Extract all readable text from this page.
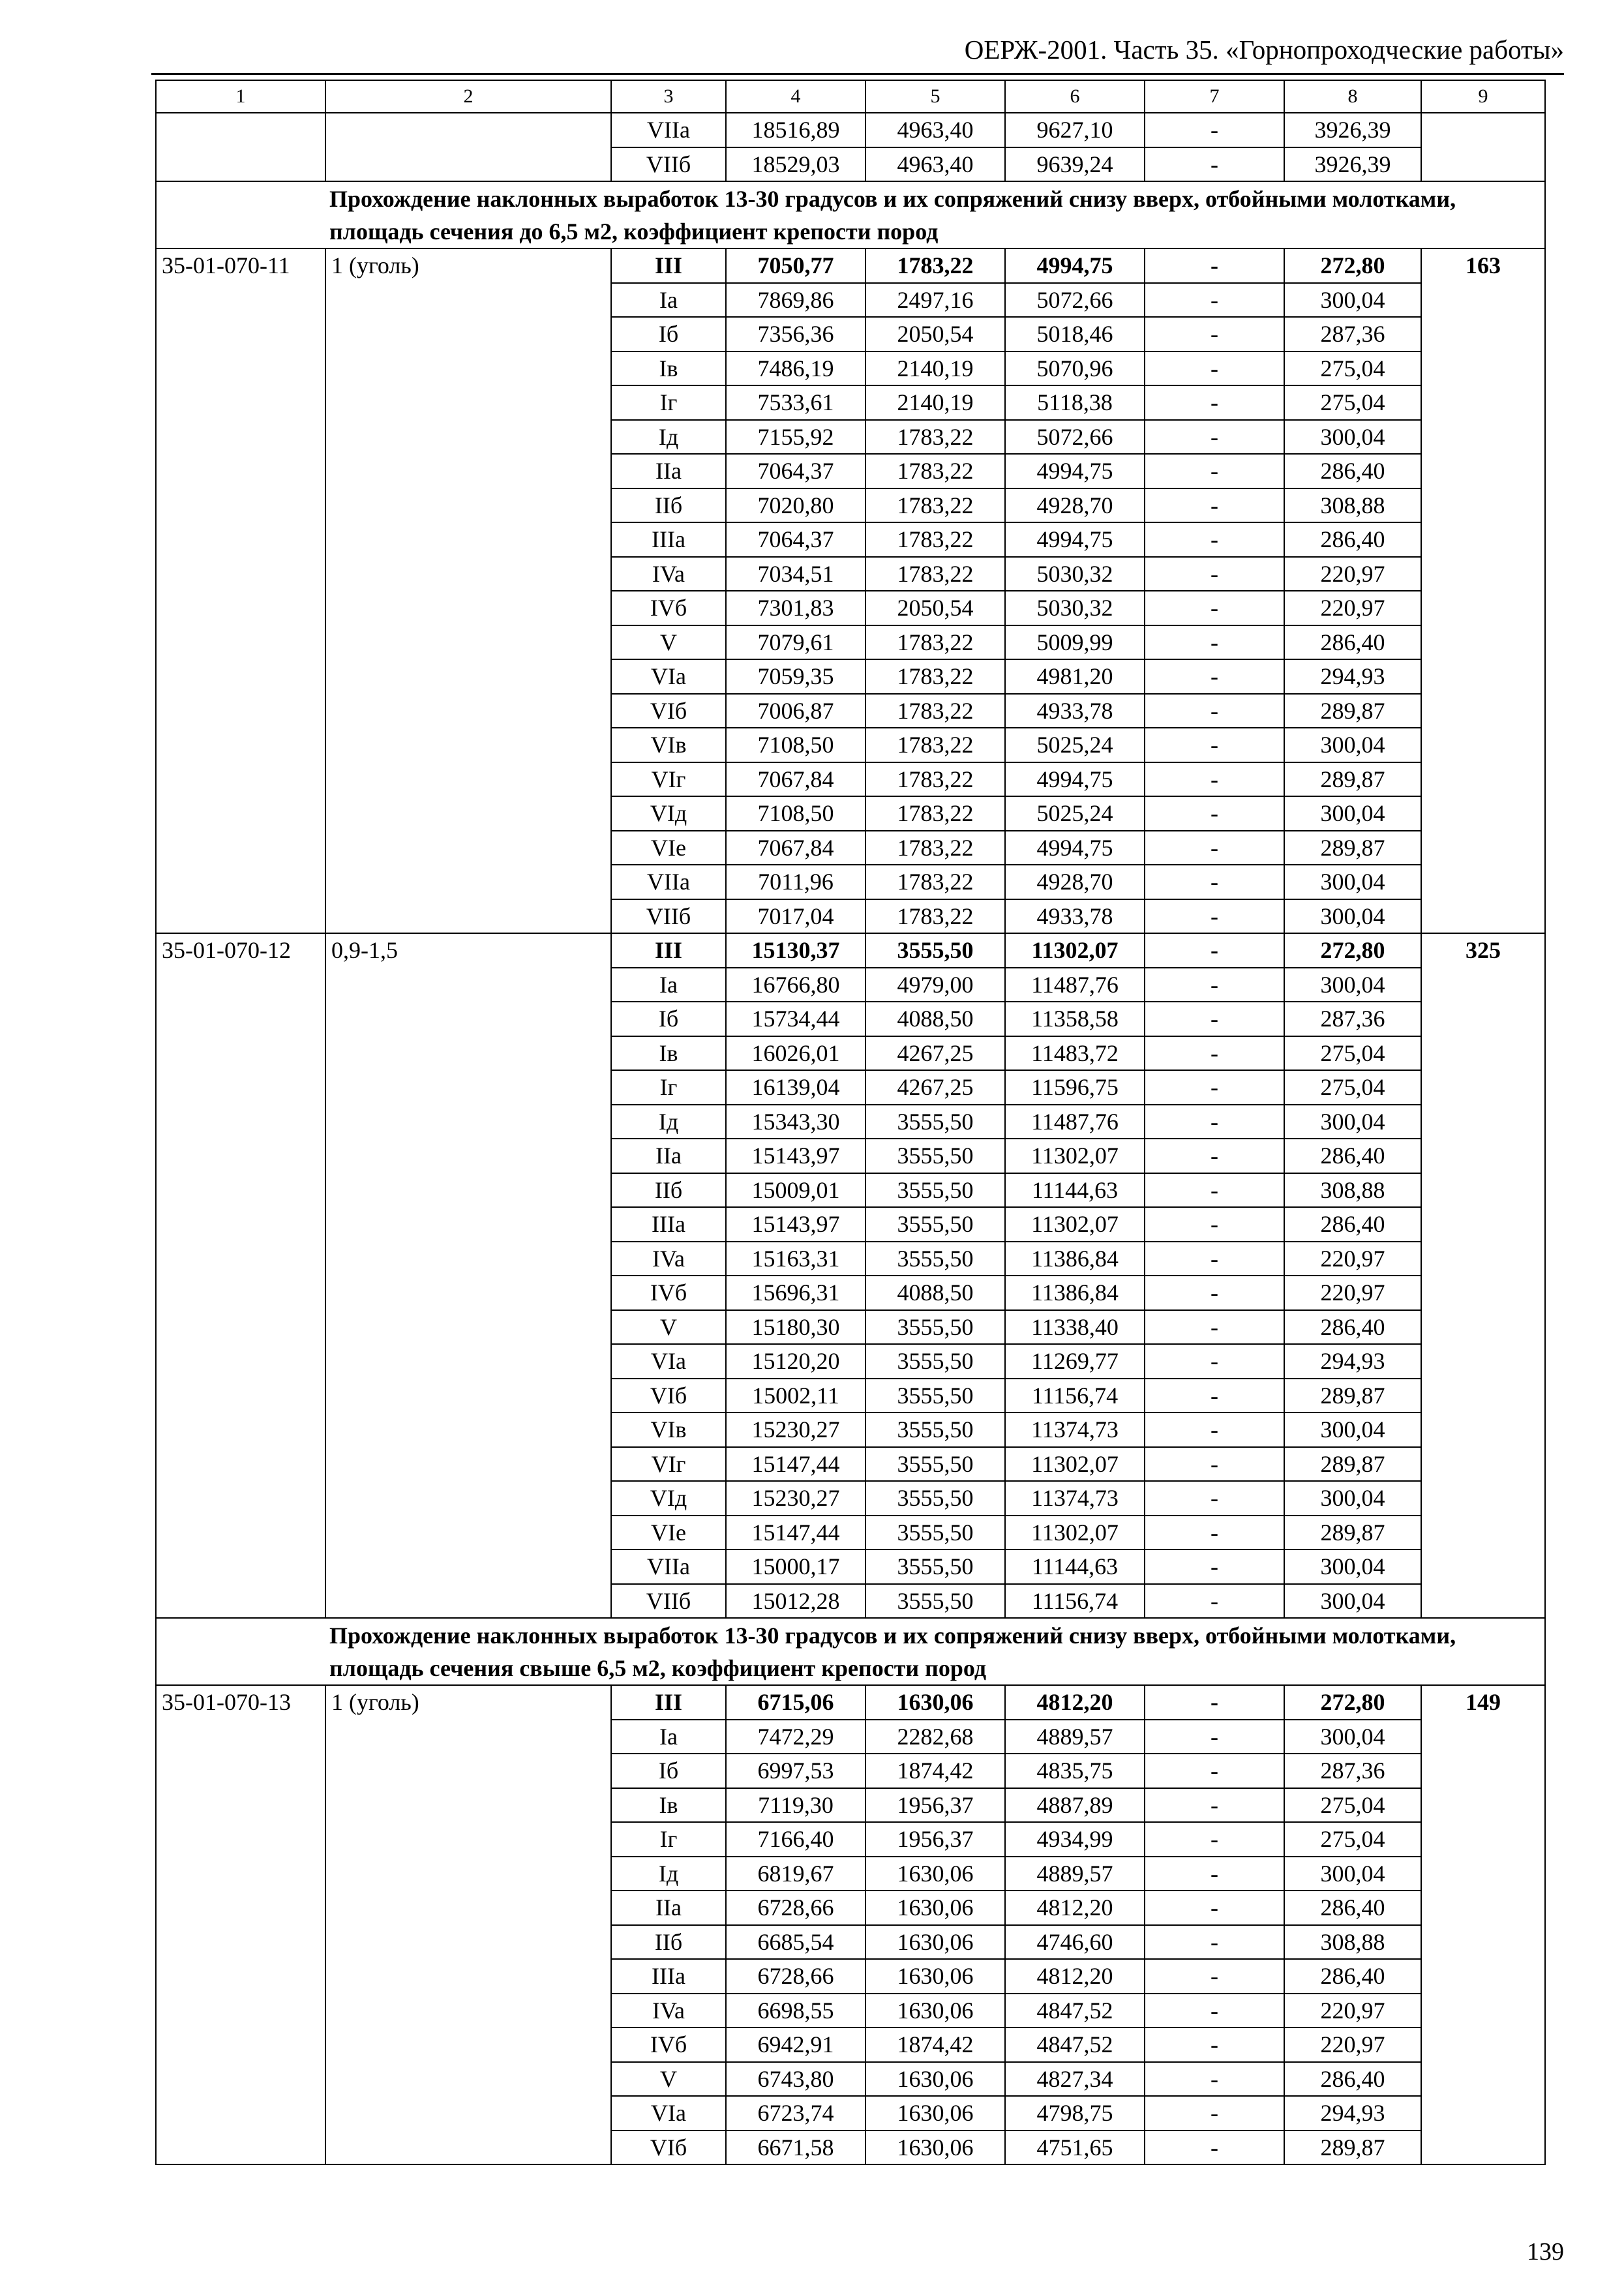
ОЕРЖ-2001. Часть 35. «Горнопроходческие работы»
1	2	3	4	5	6	7	8	9
		VIIa	18516,89	4963,40	9627,10	-	3926,39	
		VIIб	18529,03	4963,40	9639,24	-	3926,39	
	Прохождение наклонных выработок 13-30 градусов и их сопряжений снизу вверх, отбойными молотками, площадь сечения до 6,5 м2, коэффициент крепости пород							
35-01-070-11	1 (уголь)	III	7050,77	1783,22	4994,75	-	272,80	163
		Ia	7869,86	2497,16	5072,66	-	300,04	
		Iб	7356,36	2050,54	5018,46	-	287,36	
		Iв	7486,19	2140,19	5070,96	-	275,04	
		Iг	7533,61	2140,19	5118,38	-	275,04	
		Iд	7155,92	1783,22	5072,66	-	300,04	
		IIa	7064,37	1783,22	4994,75	-	286,40	
		IIб	7020,80	1783,22	4928,70	-	308,88	
		IIIa	7064,37	1783,22	4994,75	-	286,40	
		IVa	7034,51	1783,22	5030,32	-	220,97	
		IVб	7301,83	2050,54	5030,32	-	220,97	
		V	7079,61	1783,22	5009,99	-	286,40	
		VIa	7059,35	1783,22	4981,20	-	294,93	
		VIб	7006,87	1783,22	4933,78	-	289,87	
		VIв	7108,50	1783,22	5025,24	-	300,04	
		VIг	7067,84	1783,22	4994,75	-	289,87	
		VIд	7108,50	1783,22	5025,24	-	300,04	
		VIe	7067,84	1783,22	4994,75	-	289,87	
		VIIa	7011,96	1783,22	4928,70	-	300,04	
		VIIб	7017,04	1783,22	4933,78	-	300,04	
35-01-070-12	0,9-1,5	III	15130,37	3555,50	11302,07	-	272,80	325
		Ia	16766,80	4979,00	11487,76	-	300,04	
		Iб	15734,44	4088,50	11358,58	-	287,36	
		Iв	16026,01	4267,25	11483,72	-	275,04	
		Iг	16139,04	4267,25	11596,75	-	275,04	
		Iд	15343,30	3555,50	11487,76	-	300,04	
		IIa	15143,97	3555,50	11302,07	-	286,40	
		IIб	15009,01	3555,50	11144,63	-	308,88	
		IIIa	15143,97	3555,50	11302,07	-	286,40	
		IVa	15163,31	3555,50	11386,84	-	220,97	
		IVб	15696,31	4088,50	11386,84	-	220,97	
		V	15180,30	3555,50	11338,40	-	286,40	
		VIa	15120,20	3555,50	11269,77	-	294,93	
		VIб	15002,11	3555,50	11156,74	-	289,87	
		VIв	15230,27	3555,50	11374,73	-	300,04	
		VIг	15147,44	3555,50	11302,07	-	289,87	
		VIд	15230,27	3555,50	11374,73	-	300,04	
		VIe	15147,44	3555,50	11302,07	-	289,87	
		VIIa	15000,17	3555,50	11144,63	-	300,04	
		VIIб	15012,28	3555,50	11156,74	-	300,04	
	Прохождение наклонных выработок 13-30 градусов и их сопряжений снизу вверх, отбойными молотками, площадь сечения свыше 6,5 м2, коэффициент крепости пород							
35-01-070-13	1 (уголь)	III	6715,06	1630,06	4812,20	-	272,80	149
		Ia	7472,29	2282,68	4889,57	-	300,04	
		Iб	6997,53	1874,42	4835,75	-	287,36	
		Iв	7119,30	1956,37	4887,89	-	275,04	
		Iг	7166,40	1956,37	4934,99	-	275,04	
		Iд	6819,67	1630,06	4889,57	-	300,04	
		IIa	6728,66	1630,06	4812,20	-	286,40	
		IIб	6685,54	1630,06	4746,60	-	308,88	
		IIIa	6728,66	1630,06	4812,20	-	286,40	
		IVa	6698,55	1630,06	4847,52	-	220,97	
		IVб	6942,91	1874,42	4847,52	-	220,97	
		V	6743,80	1630,06	4827,34	-	286,40	
		VIa	6723,74	1630,06	4798,75	-	294,93	
		VIб	6671,58	1630,06	4751,65	-	289,87	
139
